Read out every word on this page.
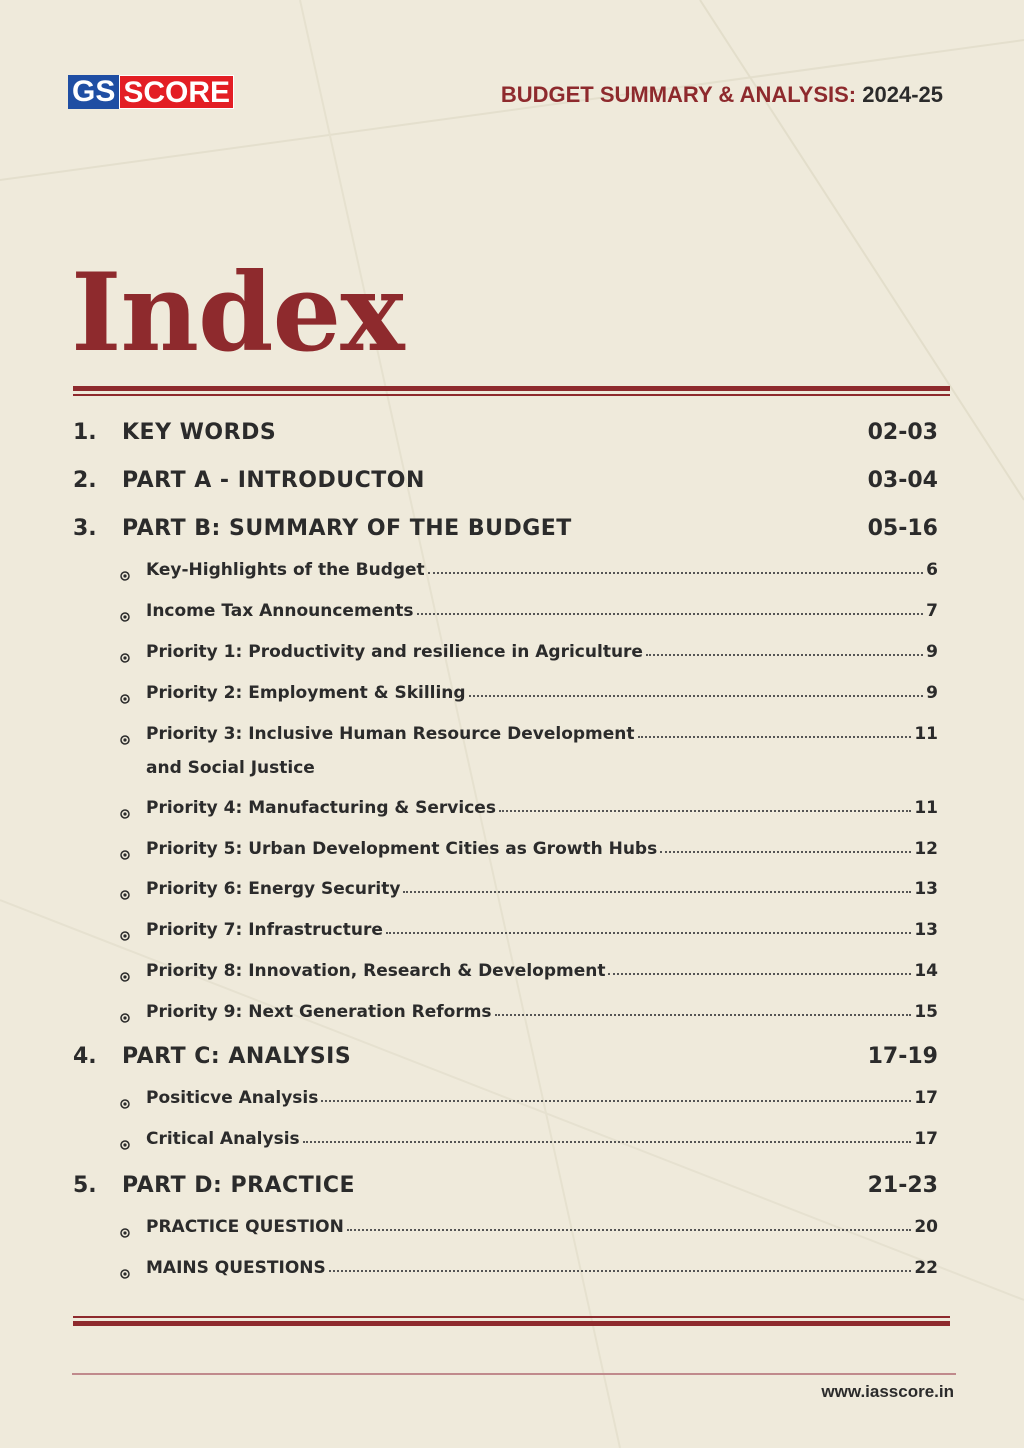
GS SCORE	BUDGET SUMMARY & ANALYSIS: 2024-25
Index
1. KEY WORDS	02-03
2. PART A - INTRODUCTON	03-04
3. PART B: SUMMARY OF THE BUDGET	05-16
Key-Highlights of the Budget	6
Income Tax Announcements	7
Priority 1: Productivity and resilience in Agriculture	9
Priority 2: Employment & Skilling	9
Priority 3: Inclusive Human Resource Development	11
and Social Justice
Priority 4: Manufacturing & Services	11
Priority 5: Urban Development Cities as Growth Hubs	12
Priority 6: Energy Security	13
Priority 7: Infrastructure	13
Priority 8: Innovation, Research & Development	14
Priority 9: Next Generation Reforms	15
4. PART C: ANALYSIS	17-19
Positicve Analysis	17
Critical Analysis	17
5. PART D: PRACTICE	21-23
PRACTICE QUESTION	20
MAINS QUESTIONS	22
www.iasscore.in
